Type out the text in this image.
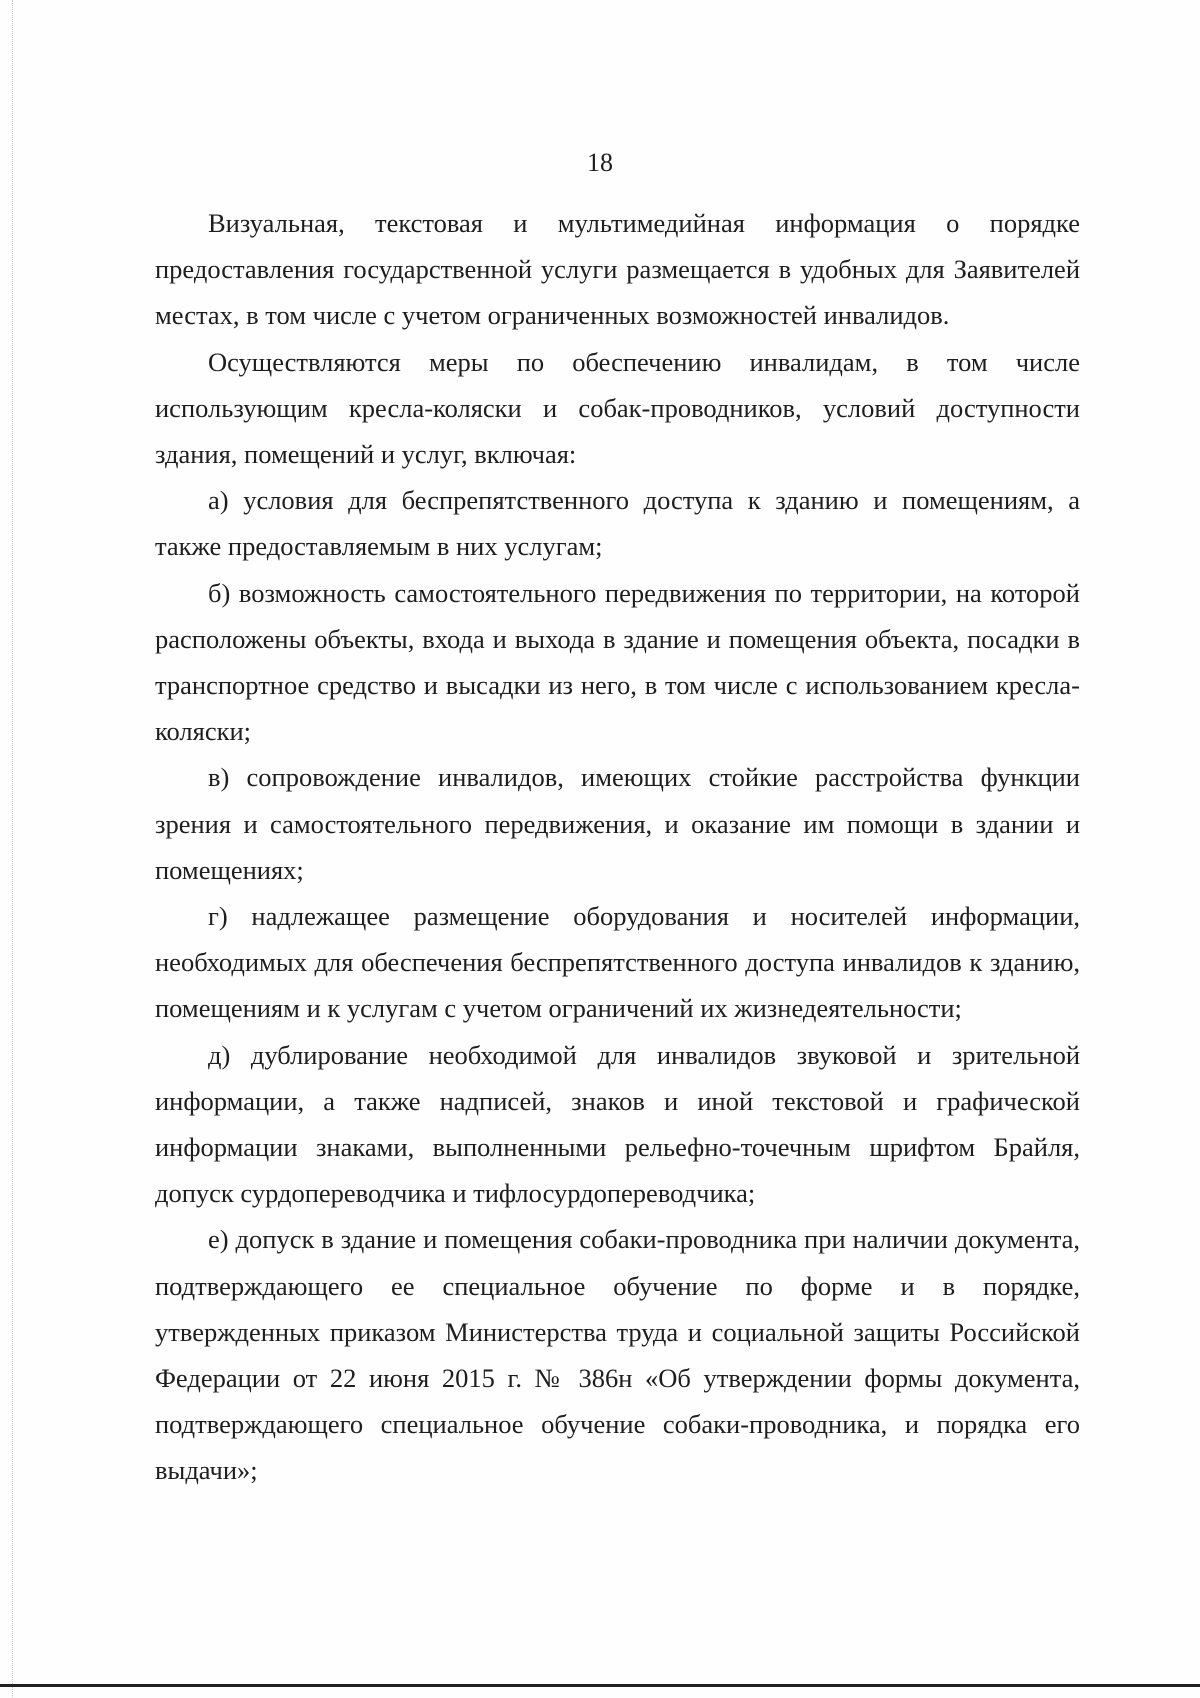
18

Визуальная, текстовая и мультимедийная информация о порядке предоставления государственной услуги размещается в удобных для Заявителей местах, в том числе с учетом ограниченных возможностей инвалидов.

Осуществляются меры по обеспечению инвалидам, в том числе использующим кресла-коляски и собак-проводников, условий доступности здания, помещений и услуг, включая:

а) условия для беспрепятственного доступа к зданию и помещениям, а также предоставляемым в них услугам;

б) возможность самостоятельного передвижения по территории, на которой расположены объекты, входа и выхода в здание и помещения объекта, посадки в транспортное средство и высадки из него, в том числе с использованием кресла-коляски;

в) сопровождение инвалидов, имеющих стойкие расстройства функции зрения и самостоятельного передвижения, и оказание им помощи в здании и помещениях;

г) надлежащее размещение оборудования и носителей информации, необходимых для обеспечения беспрепятственного доступа инвалидов к зданию, помещениям и к услугам с учетом ограничений их жизнедеятельности;

д) дублирование необходимой для инвалидов звуковой и зрительной информации, а также надписей, знаков и иной текстовой и графической информации знаками, выполненными рельефно-точечным шрифтом Брайля, допуск сурдопереводчика и тифлосурдопереводчика;

е) допуск в здание и помещения собаки-проводника при наличии документа, подтверждающего ее специальное обучение по форме и в порядке, утвержденных приказом Министерства труда и социальной защиты Российской Федерации от 22 июня 2015 г. № 386н «Об утверждении формы документа, подтверждающего специальное обучение собаки-проводника, и порядка его выдачи»;
